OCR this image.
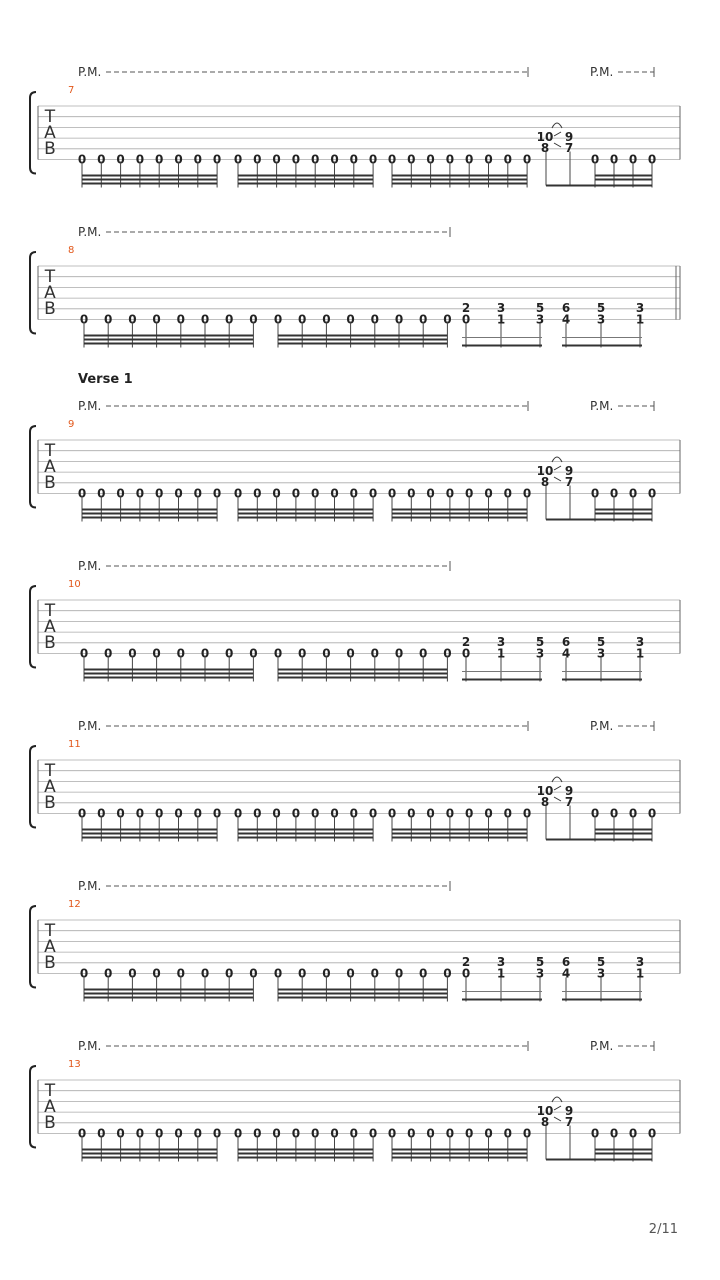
T
A
B
7
P.M.	P.M.
0 0 0 0 0 0 0 0 0 0 0 0 0 0 0 0 0 0 0 0 0 0 0 0
10 9
8 7
0 0 0 0
T
A
B
8
P.M.
0 0 0 0 0 0 0 0 0 0 0 0 0 0 0 0
2
0
3
1
5
3
6
4
5
3
3
1
T
A
B
9
Verse 1
P.M.	P.M.
0 0 0 0 0 0 0 0 0 0 0 0 0 0 0 0 0 0 0 0 0 0 0 0
10 9
8 7
0 0 0 0
T
A
B
10
P.M.
0 0 0 0 0 0 0 0 0 0 0 0 0 0 0 0
2
0
3
1
5
3
6
4
5
3
3
1
T
A
B
11
P.M.	P.M.
0 0 0 0 0 0 0 0 0 0 0 0 0 0 0 0 0 0 0 0 0 0 0 0
10 9
8 7
0 0 0 0
T
A
B
12
P.M.
0 0 0 0 0 0 0 0 0 0 0 0 0 0 0 0
2
0
3
1
5
3
6
4
5
3
3
1
T
A
B
13
P.M.	P.M.
0 0 0 0 0 0 0 0 0 0 0 0 0 0 0 0 0 0 0 0 0 0 0 0
10 9
8 7
0 0 0 0
2/11
